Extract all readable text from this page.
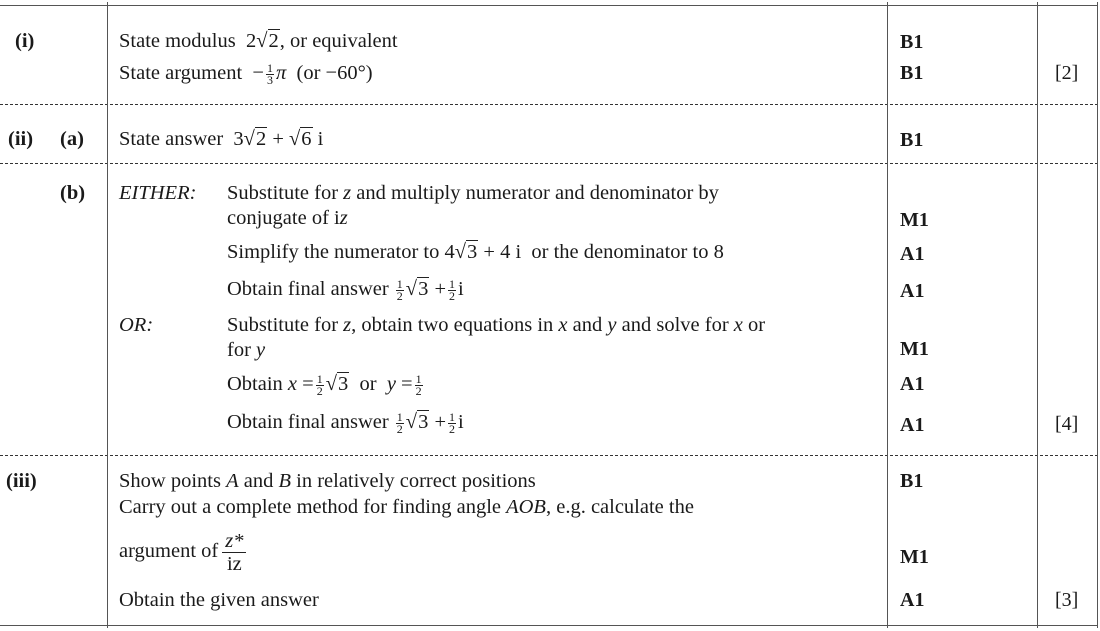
(i)	State modulus 2√2, or equivalent	B1
State argument − $\frac{1}{3}$ π (or −60°)	B1	[2]
(ii) (a) State answer 3√2 + √6 i	B1
(b) EITHER: Substitute for z and multiply numerator and denominator by
conjugate of iz	M1
Simplify the numerator to 4√3 + 4 i  or the denominator to 8	A1
Obtain final answer $\frac{1}{2} √3 + \frac{1}{2}$ i	A1
OR:	Substitute for z, obtain two equations in x and y and solve for x or
for y	M1
Obtain $x = \frac{1}{2} √3$ or $y = \frac{1}{2}$	A1
Obtain final answer $\frac{1}{2} √3 + \frac{1}{2}$ i	A1	[4]
(iii)	Show points A and B in relatively correct positions	B1
Carry out a complete method for finding angle AOB, e.g. calculate the
argument of $\frac{z*}{iz}$	M1
Obtain the given answer	A1	[3]
